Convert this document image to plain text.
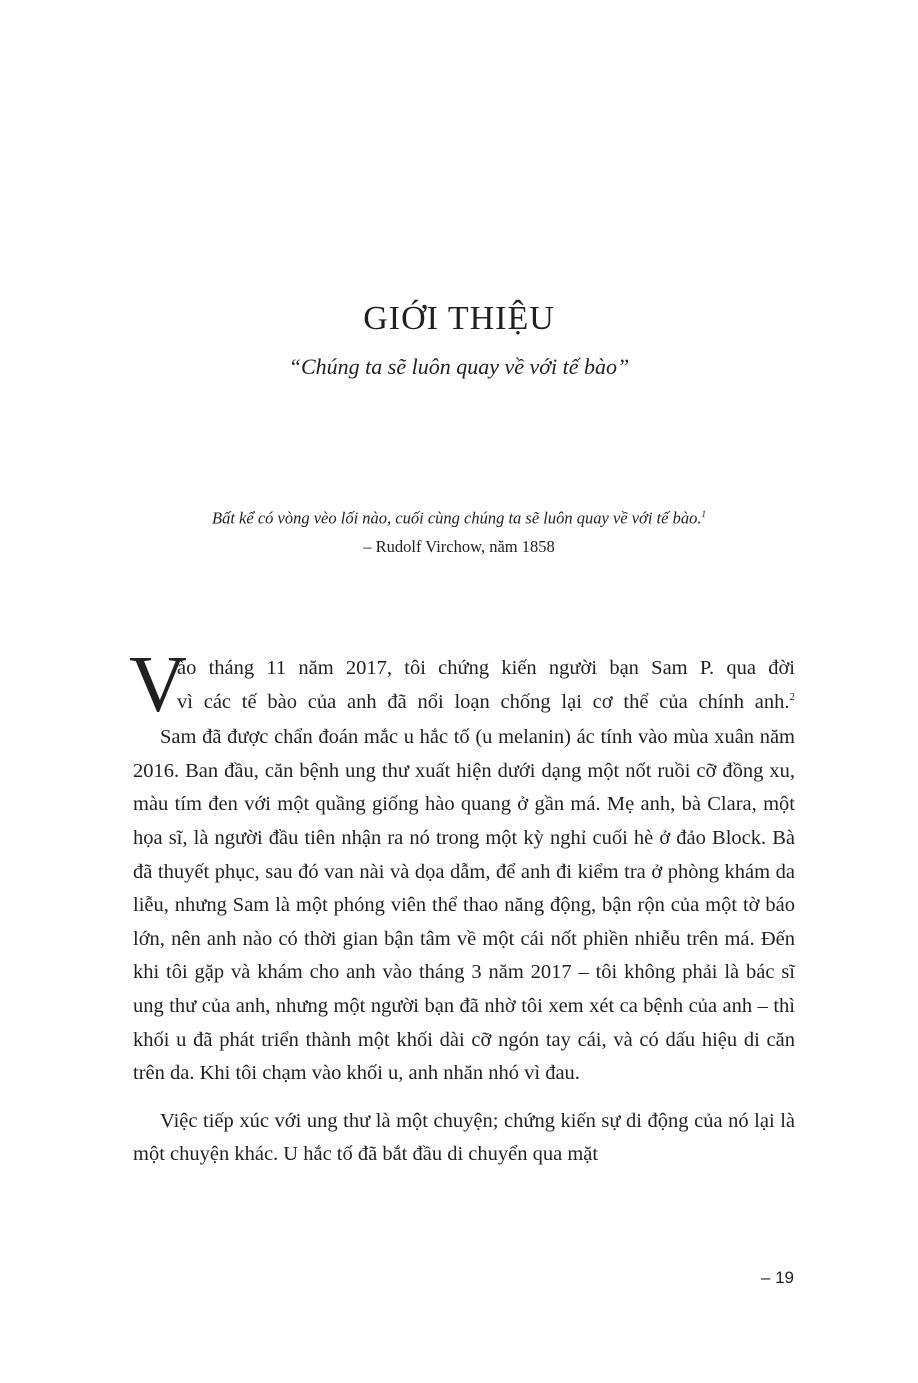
GIỚI THIỆU
“Chúng ta sẽ luôn quay về với tế bào”
Bất kể có vòng vèo lối nào, cuối cùng chúng ta sẽ luôn quay về với tế bào.$^1$
– Rudolf Virchow, năm 1858

V
ào tháng 11 năm 2017, tôi chứng kiến người bạn Sam P. qua đời
vì các tế bào của anh đã nổi loạn chống lại cơ thể của chính anh.$^2$

Sam đã được chẩn đoán mắc u hắc tố (u melanin) ác tính vào mùa xuân năm 2016. Ban đầu, căn bệnh ung thư xuất hiện dưới dạng một nốt ruồi cỡ đồng xu, màu tím đen với một quầng giống hào quang ở gần má. Mẹ anh, bà Clara, một họa sĩ, là người đầu tiên nhận ra nó trong một kỳ nghỉ cuối hè ở đảo Block. Bà đã thuyết phục, sau đó van nài và dọa dẫm, để anh đi kiểm tra ở phòng khám da liễu, nhưng Sam là một phóng viên thể thao năng động, bận rộn của một tờ báo lớn, nên anh nào có thời gian bận tâm về một cái nốt phiền nhiễu trên má. Đến khi tôi gặp và khám cho anh vào tháng 3 năm 2017 – tôi không phải là bác sĩ ung thư của anh, nhưng một người bạn đã nhờ tôi xem xét ca bệnh của anh – thì khối u đã phát triển thành một khối dài cỡ ngón tay cái, và có dấu hiệu di căn trên da. Khi tôi chạm vào khối u, anh nhăn nhó vì đau.

Việc tiếp xúc với ung thư là một chuyện; chứng kiến sự di động của nó lại là một chuyện khác. U hắc tố đã bắt đầu di chuyển qua mặt

– 19
